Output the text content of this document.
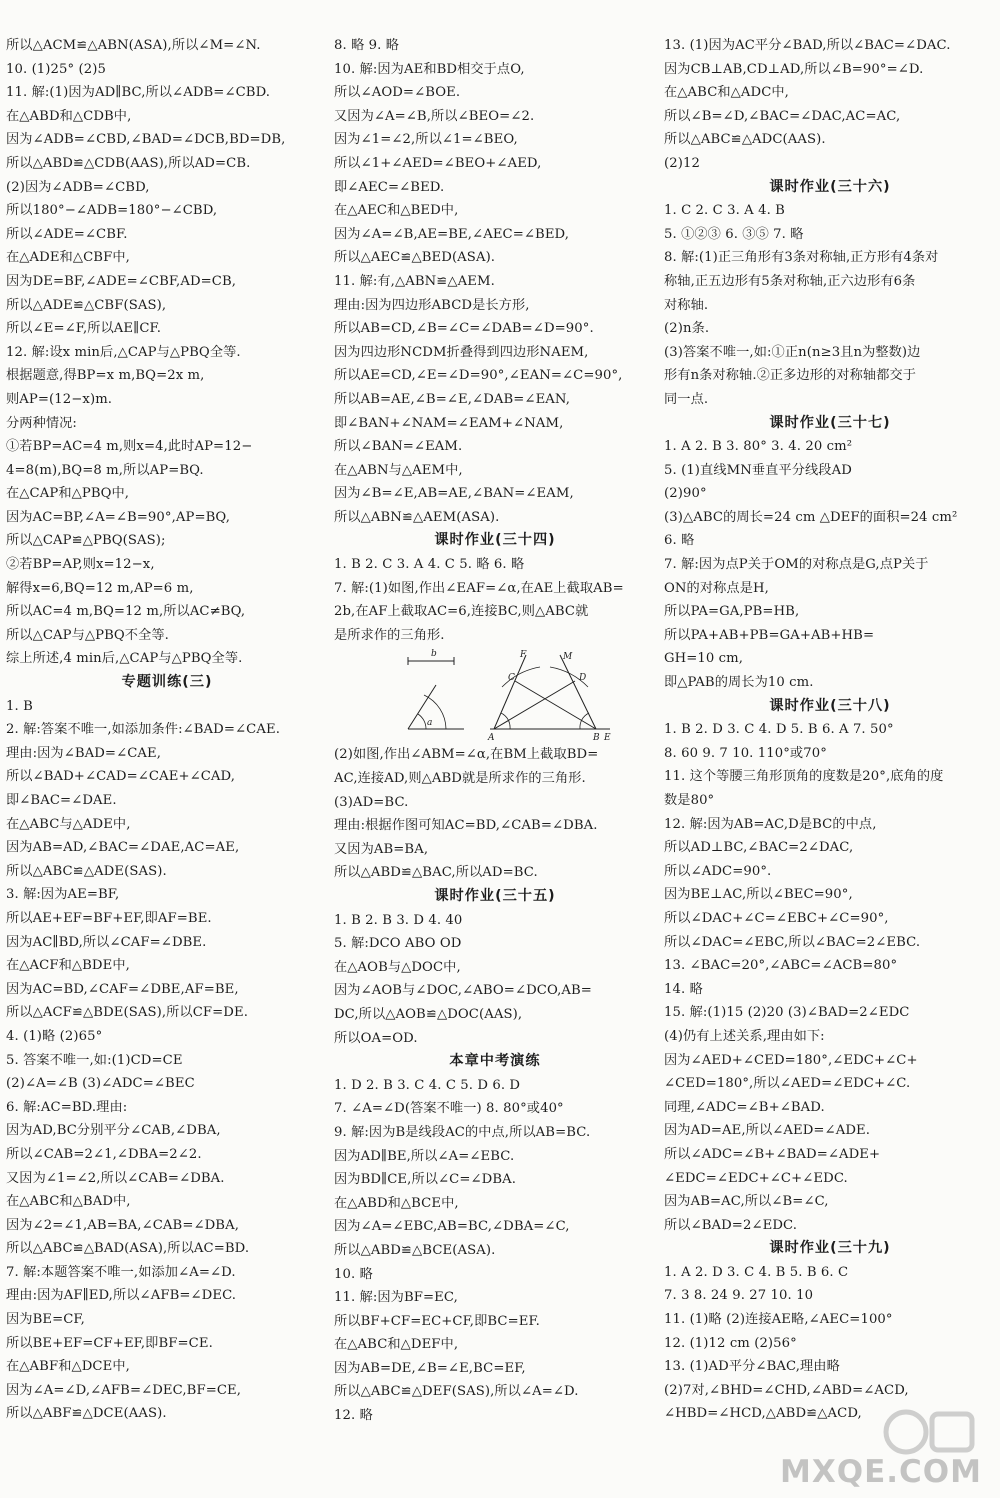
所以△ACM≌△ABN(ASA),所以∠M=∠N.
10. (1)25° (2)5
11. 解:(1)因为AD∥BC,所以∠ADB=∠CBD.
在△ABD和△CDB中,
因为∠ADB=∠CBD,∠BAD=∠DCB,BD=DB,
所以△ABD≌△CDB(AAS),所以AD=CB.
(2)因为∠ADB=∠CBD,
所以180°−∠ADB=180°−∠CBD,
所以∠ADE=∠CBF.
在△ADE和△CBF中,
因为DE=BF,∠ADE=∠CBF,AD=CB,
所以△ADE≌△CBF(SAS),
所以∠E=∠F,所以AE∥CF.
12. 解:设x min后,△CAP与△PBQ全等.
根据题意,得BP=x m,BQ=2x m,
则AP=(12−x)m.
分两种情况:
①若BP=AC=4 m,则x=4,此时AP=12−
4=8(m),BQ=8 m,所以AP=BQ.
在△CAP和△PBQ中,
因为AC=BP,∠A=∠B=90°,AP=BQ,
所以△CAP≌△PBQ(SAS);
②若BP=AP,则x=12−x,
解得x=6,BQ=12 m,AP=6 m,
所以AC=4 m,BQ=12 m,所以AC≠BQ,
所以△CAP与△PBQ不全等.
综上所述,4 min后,△CAP与△PBQ全等.
专题训练(三)
1. B
2. 解:答案不唯一,如添加条件:∠BAD=∠CAE.
理由:因为∠BAD=∠CAE,
所以∠BAD+∠CAD=∠CAE+∠CAD,
即∠BAC=∠DAE.
在△ABC与△ADE中,
因为AB=AD,∠BAC=∠DAE,AC=AE,
所以△ABC≌△ADE(SAS).
3. 解:因为AE=BF,
所以AE+EF=BF+EF,即AF=BE.
因为AC∥BD,所以∠CAF=∠DBE.
在△ACF和△BDE中,
因为AC=BD,∠CAF=∠DBE,AF=BE,
所以△ACF≌△BDE(SAS),所以CF=DE.
4. (1)略 (2)65°
5. 答案不唯一,如:(1)CD=CE
(2)∠A=∠B (3)∠ADC=∠BEC
6. 解:AC=BD.理由:
因为AD,BC分别平分∠CAB,∠DBA,
所以∠CAB=2∠1,∠DBA=2∠2.
又因为∠1=∠2,所以∠CAB=∠DBA.
在△ABC和△BAD中,
因为∠2=∠1,AB=BA,∠CAB=∠DBA,
所以△ABC≌△BAD(ASA),所以AC=BD.
7. 解:本题答案不唯一,如添加∠A=∠D.
理由:因为AF∥ED,所以∠AFB=∠DEC.
因为BE=CF,
所以BE+EF=CF+EF,即BF=CE.
在△ABF和△DCE中,
因为∠A=∠D,∠AFB=∠DEC,BF=CE,
所以△ABF≌△DCE(AAS).
8. 略 9. 略
10. 解:因为AE和BD相交于点O,
所以∠AOD=∠BOE.
又因为∠A=∠B,所以∠BEO=∠2.
因为∠1=∠2,所以∠1=∠BEO,
所以∠1+∠AED=∠BEO+∠AED,
即∠AEC=∠BED.
在△AEC和△BED中,
因为∠A=∠B,AE=BE,∠AEC=∠BED,
所以△AEC≌△BED(ASA).
11. 解:有,△ABN≌△AEM.
理由:因为四边形ABCD是长方形,
所以AB=CD,∠B=∠C=∠DAB=∠D=90°.
因为四边形NCDM折叠得到四边形NAEM,
所以AE=CD,∠E=∠D=90°,∠EAN=∠C=90°,
所以AB=AE,∠B=∠E,∠DAB=∠EAN,
即∠BAN+∠NAM=∠EAM+∠NAM,
所以∠BAN=∠EAM.
在△ABN与△AEM中,
因为∠B=∠E,AB=AE,∠BAN=∠EAM,
所以△ABN≌△AEM(ASA).
课时作业(三十四)
1. B 2. C 3. A 4. C 5. 略 6. 略
7. 解:(1)如图,作出∠EAF=∠α,在AE上截取AB=
2b,在AF上截取AC=6,连接BC,则△ABC就
是所求作的三角形.
b
a
F	M
C	D
A	B E
(2)如图,作出∠ABM=∠α,在BM上截取BD=
AC,连接AD,则△ABD就是所求作的三角形.
(3)AD=BC.
理由:根据作图可知AC=BD,∠CAB=∠DBA.
又因为AB=BA,
所以△ABD≌△BAC,所以AD=BC.
课时作业(三十五)
1. B 2. B 3. D 4. 40
5. 解:DCO ABO OD
在△AOB与△DOC中,
因为∠AOB与∠DOC,∠ABO=∠DCO,AB=
DC,所以△AOB≌△DOC(AAS),
所以OA=OD.
本章中考演练
1. D 2. B 3. C 4. C 5. D 6. D
7. ∠A=∠D(答案不唯一) 8. 80°或40°
9. 解:因为B是线段AC的中点,所以AB=BC.
因为AD∥BE,所以∠A=∠EBC.
因为BD∥CE,所以∠C=∠DBA.
在△ABD和△BCE中,
因为∠A=∠EBC,AB=BC,∠DBA=∠C,
所以△ABD≌△BCE(ASA).
10. 略
11. 解:因为BF=EC,
所以BF+CF=EC+CF,即BC=EF.
在△ABC和△DEF中,
因为AB=DE,∠B=∠E,BC=EF,
所以△ABC≌△DEF(SAS),所以∠A=∠D.
12. 略
13. (1)因为AC平分∠BAD,所以∠BAC=∠DAC.
因为CB⊥AB,CD⊥AD,所以∠B=90°=∠D.
在△ABC和△ADC中,
所以∠B=∠D,∠BAC=∠DAC,AC=AC,
所以△ABC≌△ADC(AAS).
(2)12
课时作业(三十六)
1. C 2. C 3. A 4. B
5. ①②③ 6. ③⑤ 7. 略
8. 解:(1)正三角形有3条对称轴,正方形有4条对
称轴,正五边形有5条对称轴,正六边形有6条
对称轴.
(2)n条.
(3)答案不唯一,如:①正n(n≥3且n为整数)边
形有n条对称轴.②正多边形的对称轴都交于
同一点.
课时作业(三十七)
1. A 2. B 3. 80° 3. 4. 20 cm²
5. (1)直线MN垂直平分线段AD
(2)90°
(3)△ABC的周长=24 cm △DEF的面积=24 cm²
6. 略
7. 解:因为点P关于OM的对称点是G,点P关于
ON的对称点是H,
所以PA=GA,PB=HB,
所以PA+AB+PB=GA+AB+HB=
GH=10 cm,
即△PAB的周长为10 cm.
课时作业(三十八)
1. B 2. D 3. C 4. D 5. B 6. A 7. 50°
8. 60 9. 7 10. 110°或70°
11. 这个等腰三角形顶角的度数是20°,底角的度
数是80°
12. 解:因为AB=AC,D是BC的中点,
所以AD⊥BC,∠BAC=2∠DAC,
所以∠ADC=90°.
因为BE⊥AC,所以∠BEC=90°,
所以∠DAC+∠C=∠EBC+∠C=90°,
所以∠DAC=∠EBC,所以∠BAC=2∠EBC.
13. ∠BAC=20°,∠ABC=∠ACB=80°
14. 略
15. 解:(1)15 (2)20 (3)∠BAD=2∠EDC
(4)仍有上述关系,理由如下:
因为∠AED+∠CED=180°,∠EDC+∠C+
∠CED=180°,所以∠AED=∠EDC+∠C.
同理,∠ADC=∠B+∠BAD.
因为AD=AE,所以∠AED=∠ADE.
所以∠ADC=∠B+∠BAD=∠ADE+
∠EDC=∠EDC+∠C+∠EDC.
因为AB=AC,所以∠B=∠C,
所以∠BAD=2∠EDC.
课时作业(三十九)
1. A 2. D 3. C 4. B 5. B 6. C
7. 3 8. 24 9. 27 10. 10
11. (1)略 (2)连接AE略,∠AEC=100°
12. (1)12 cm (2)56°
13. (1)AD平分∠BAC,理由略
(2)7对,∠BHD=∠CHD,∠ABD=∠ACD,
∠HBD=∠HCD,△ABD≌△ACD,
MXQE.COM
